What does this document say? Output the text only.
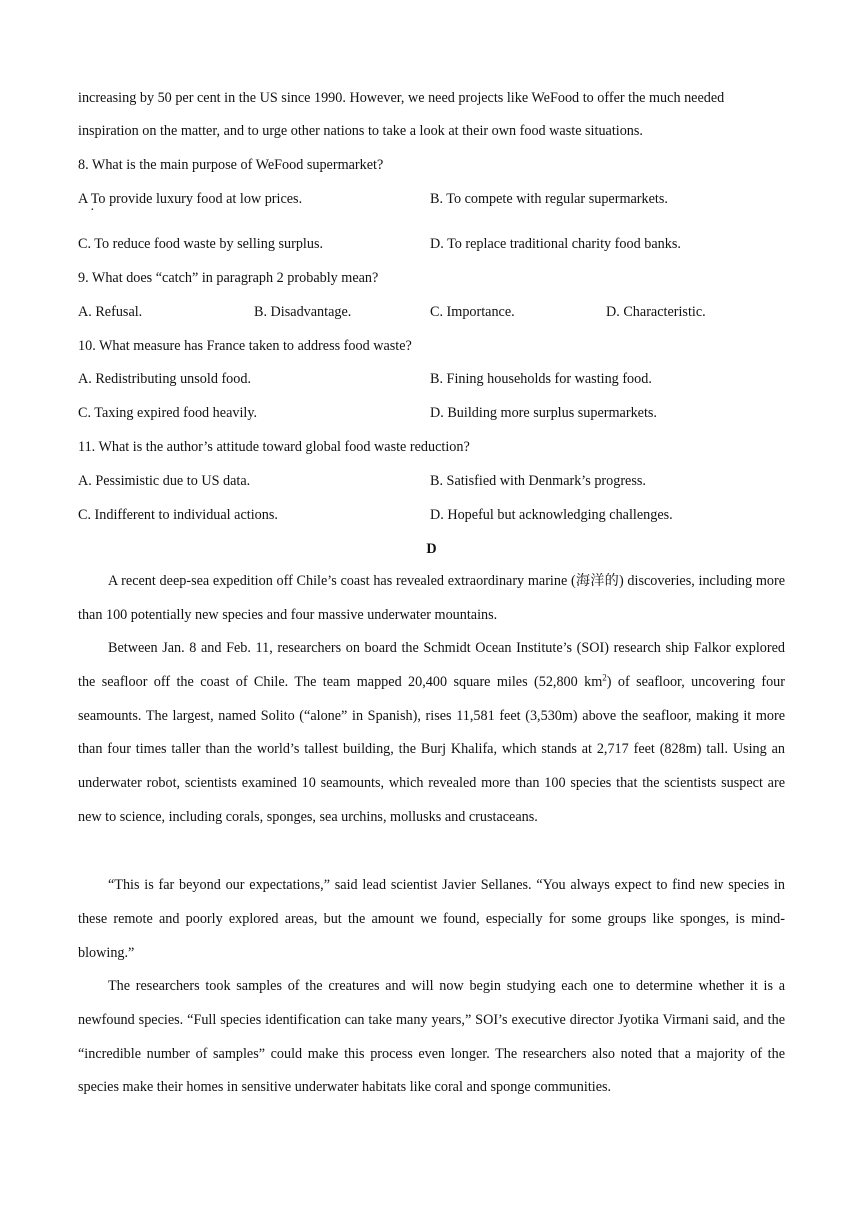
increasing by 50 per cent in the US since 1990. However, we need projects like WeFood to offer the much needed
inspiration on the matter, and to urge other nations to take a look at their own food waste situations.
8. What is the main purpose of WeFood supermarket?
A To provide luxury food at low prices.
·
B. To compete with regular supermarkets.
C. To reduce food waste by selling surplus.	D. To replace traditional charity food banks.
9. What does “catch” in paragraph 2 probably mean?
A. Refusal.	B. Disadvantage.	C. Importance.	D. Characteristic.
10. What measure has France taken to address food waste?
A. Redistributing unsold food.	B. Fining households for wasting food.
C. Taxing expired food heavily.	D. Building more surplus supermarkets.
11. What is the author’s attitude toward global food waste reduction?
A. Pessimistic due to US data.	B. Satisfied with Denmark’s progress.
C. Indifferent to individual actions.	D. Hopeful but acknowledging challenges.
D
A recent deep-sea expedition off Chile’s coast has revealed extraordinary marine (海洋的) discoveries, including more than 100 potentially new species and four massive underwater mountains.
Between Jan. 8 and Feb. 11, researchers on board the Schmidt Ocean Institute’s (SOI) research ship Falkor explored the seafloor off the coast of Chile. The team mapped 20,400 square miles (52,800 $km^2$) of seafloor, uncovering four seamounts. The largest, named Solito (“alone” in Spanish), rises 11,581 feet (3,530m) above the seafloor, making it more than four times taller than the world’s tallest building, the Burj Khalifa, which stands at 2,717 feet (828m) tall. Using an underwater robot, scientists examined 10 seamounts, which revealed more than 100 species that the scientists suspect are new to science, including corals, sponges, sea urchins, mollusks and crustaceans.
“This is far beyond our expectations,” said lead scientist Javier Sellanes. “You always expect to find new species in these remote and poorly explored areas, but the amount we found, especially for some groups like sponges, is mind-blowing.”
The researchers took samples of the creatures and will now begin studying each one to determine whether it is a newfound species. “Full species identification can take many years,” SOI’s executive director Jyotika Virmani said, and the “incredible number of samples” could make this process even longer. The researchers also noted that a majority of the species make their homes in sensitive underwater habitats like coral and sponge communities.
